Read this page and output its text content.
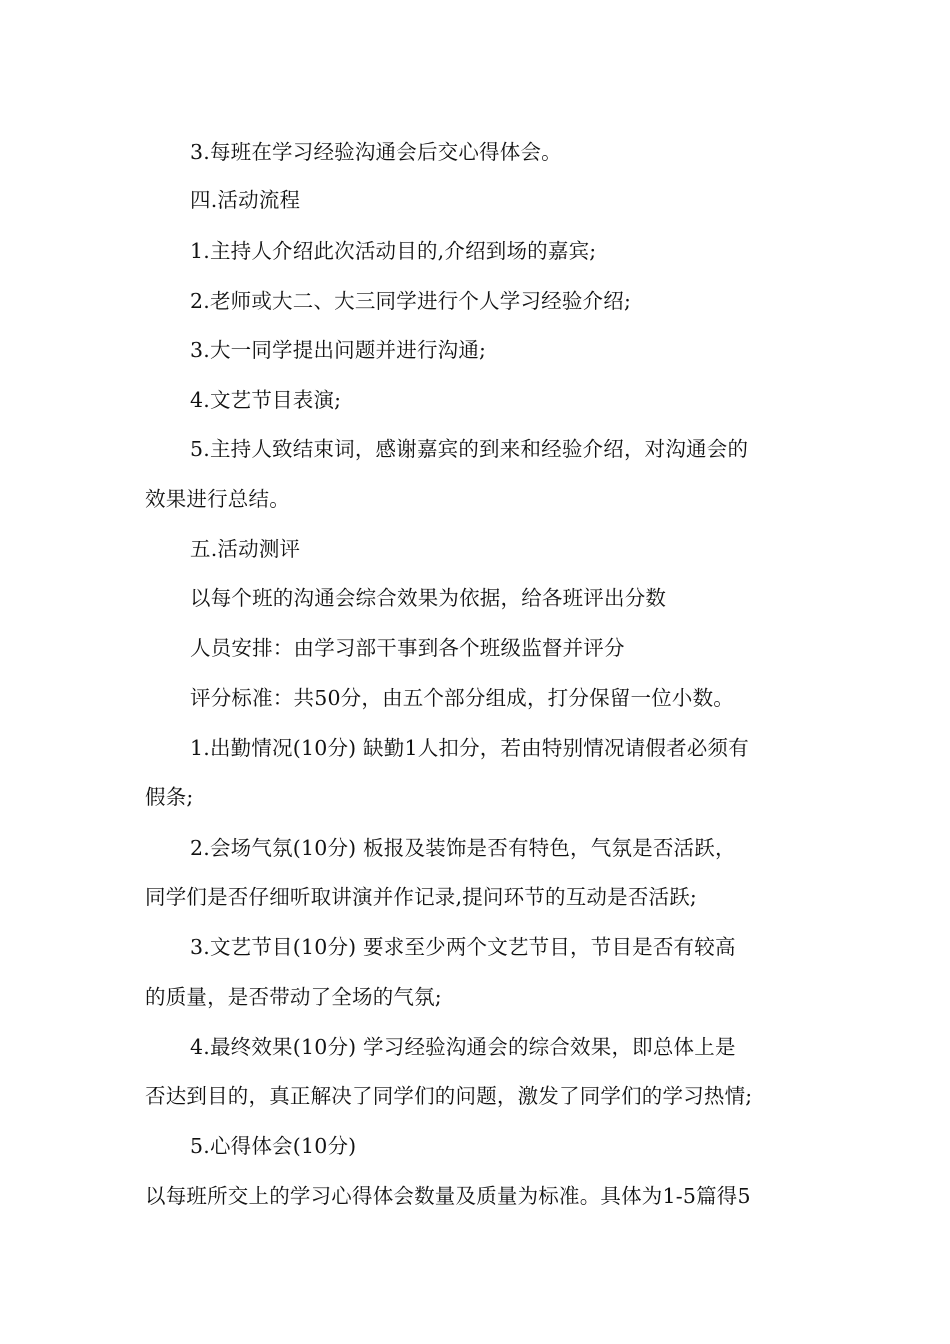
3.每班在学习经验沟通会后交心得体会。
四.活动流程
1.主持人介绍此次活动目的,介绍到场的嘉宾;
2.老师或大二、大三同学进行个人学习经验介绍;
3.大一同学提出问题并进行沟通;
4.文艺节目表演;
5.主持人致结束词，感谢嘉宾的到来和经验介绍，对沟通会的
效果进行总结。
五.活动测评
以每个班的沟通会综合效果为依据，给各班评出分数
人员安排：由学习部干事到各个班级监督并评分
评分标准：共50分，由五个部分组成，打分保留一位小数。
1.出勤情况(10分) 缺勤1人扣分，若由特别情况请假者必须有
假条;
2.会场气氛(10分) 板报及装饰是否有特色，气氛是否活跃，
同学们是否仔细听取讲演并作记录,提问环节的互动是否活跃;
3.文艺节目(10分) 要求至少两个文艺节目，节目是否有较高
的质量，是否带动了全场的气氛;
4.最终效果(10分) 学习经验沟通会的综合效果，即总体上是
否达到目的，真正解决了同学们的问题，激发了同学们的学习热情;
5.心得体会(10分)
以每班所交上的学习心得体会数量及质量为标准。具体为1-5篇得5
